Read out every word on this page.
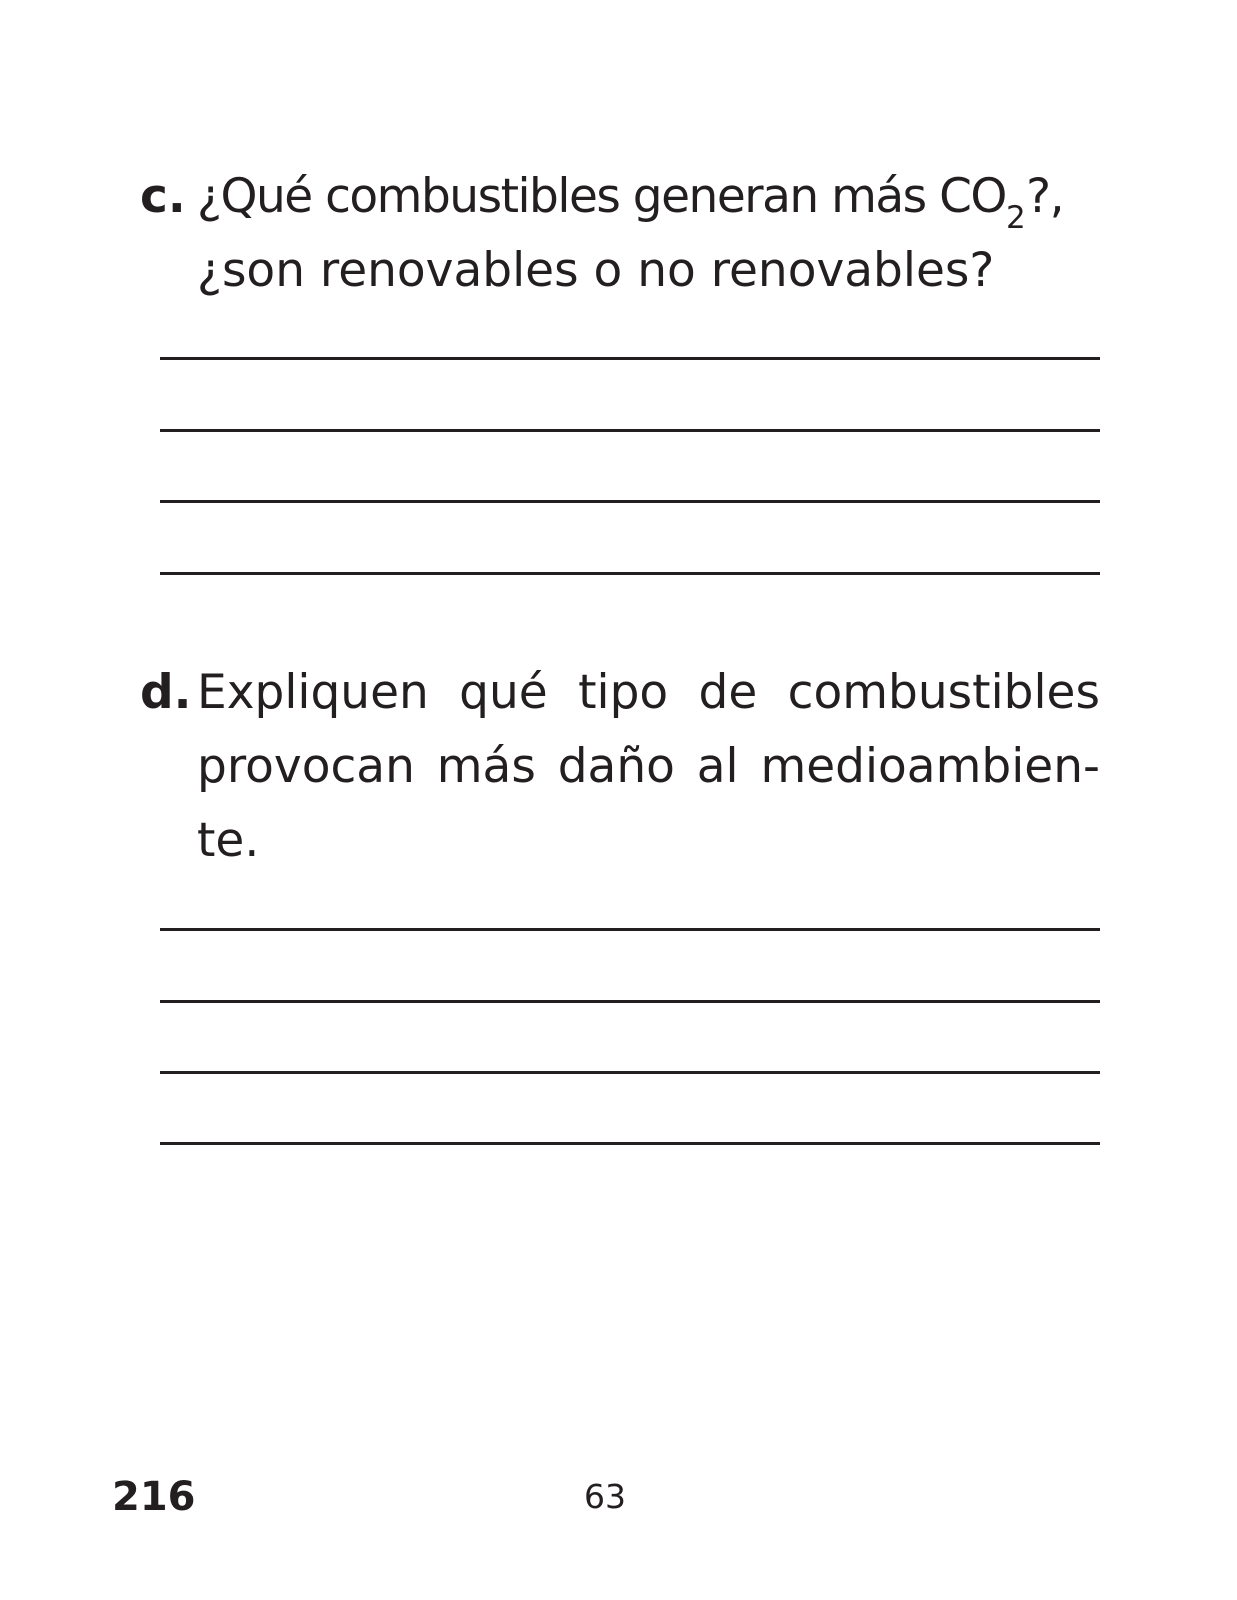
c. ¿Qué combustibles generan más $CO_2$?,
¿son renovables o no renovables?
d. Expliquen qué tipo de combustibles
provocan más daño al medioambien-
te.
216	63
